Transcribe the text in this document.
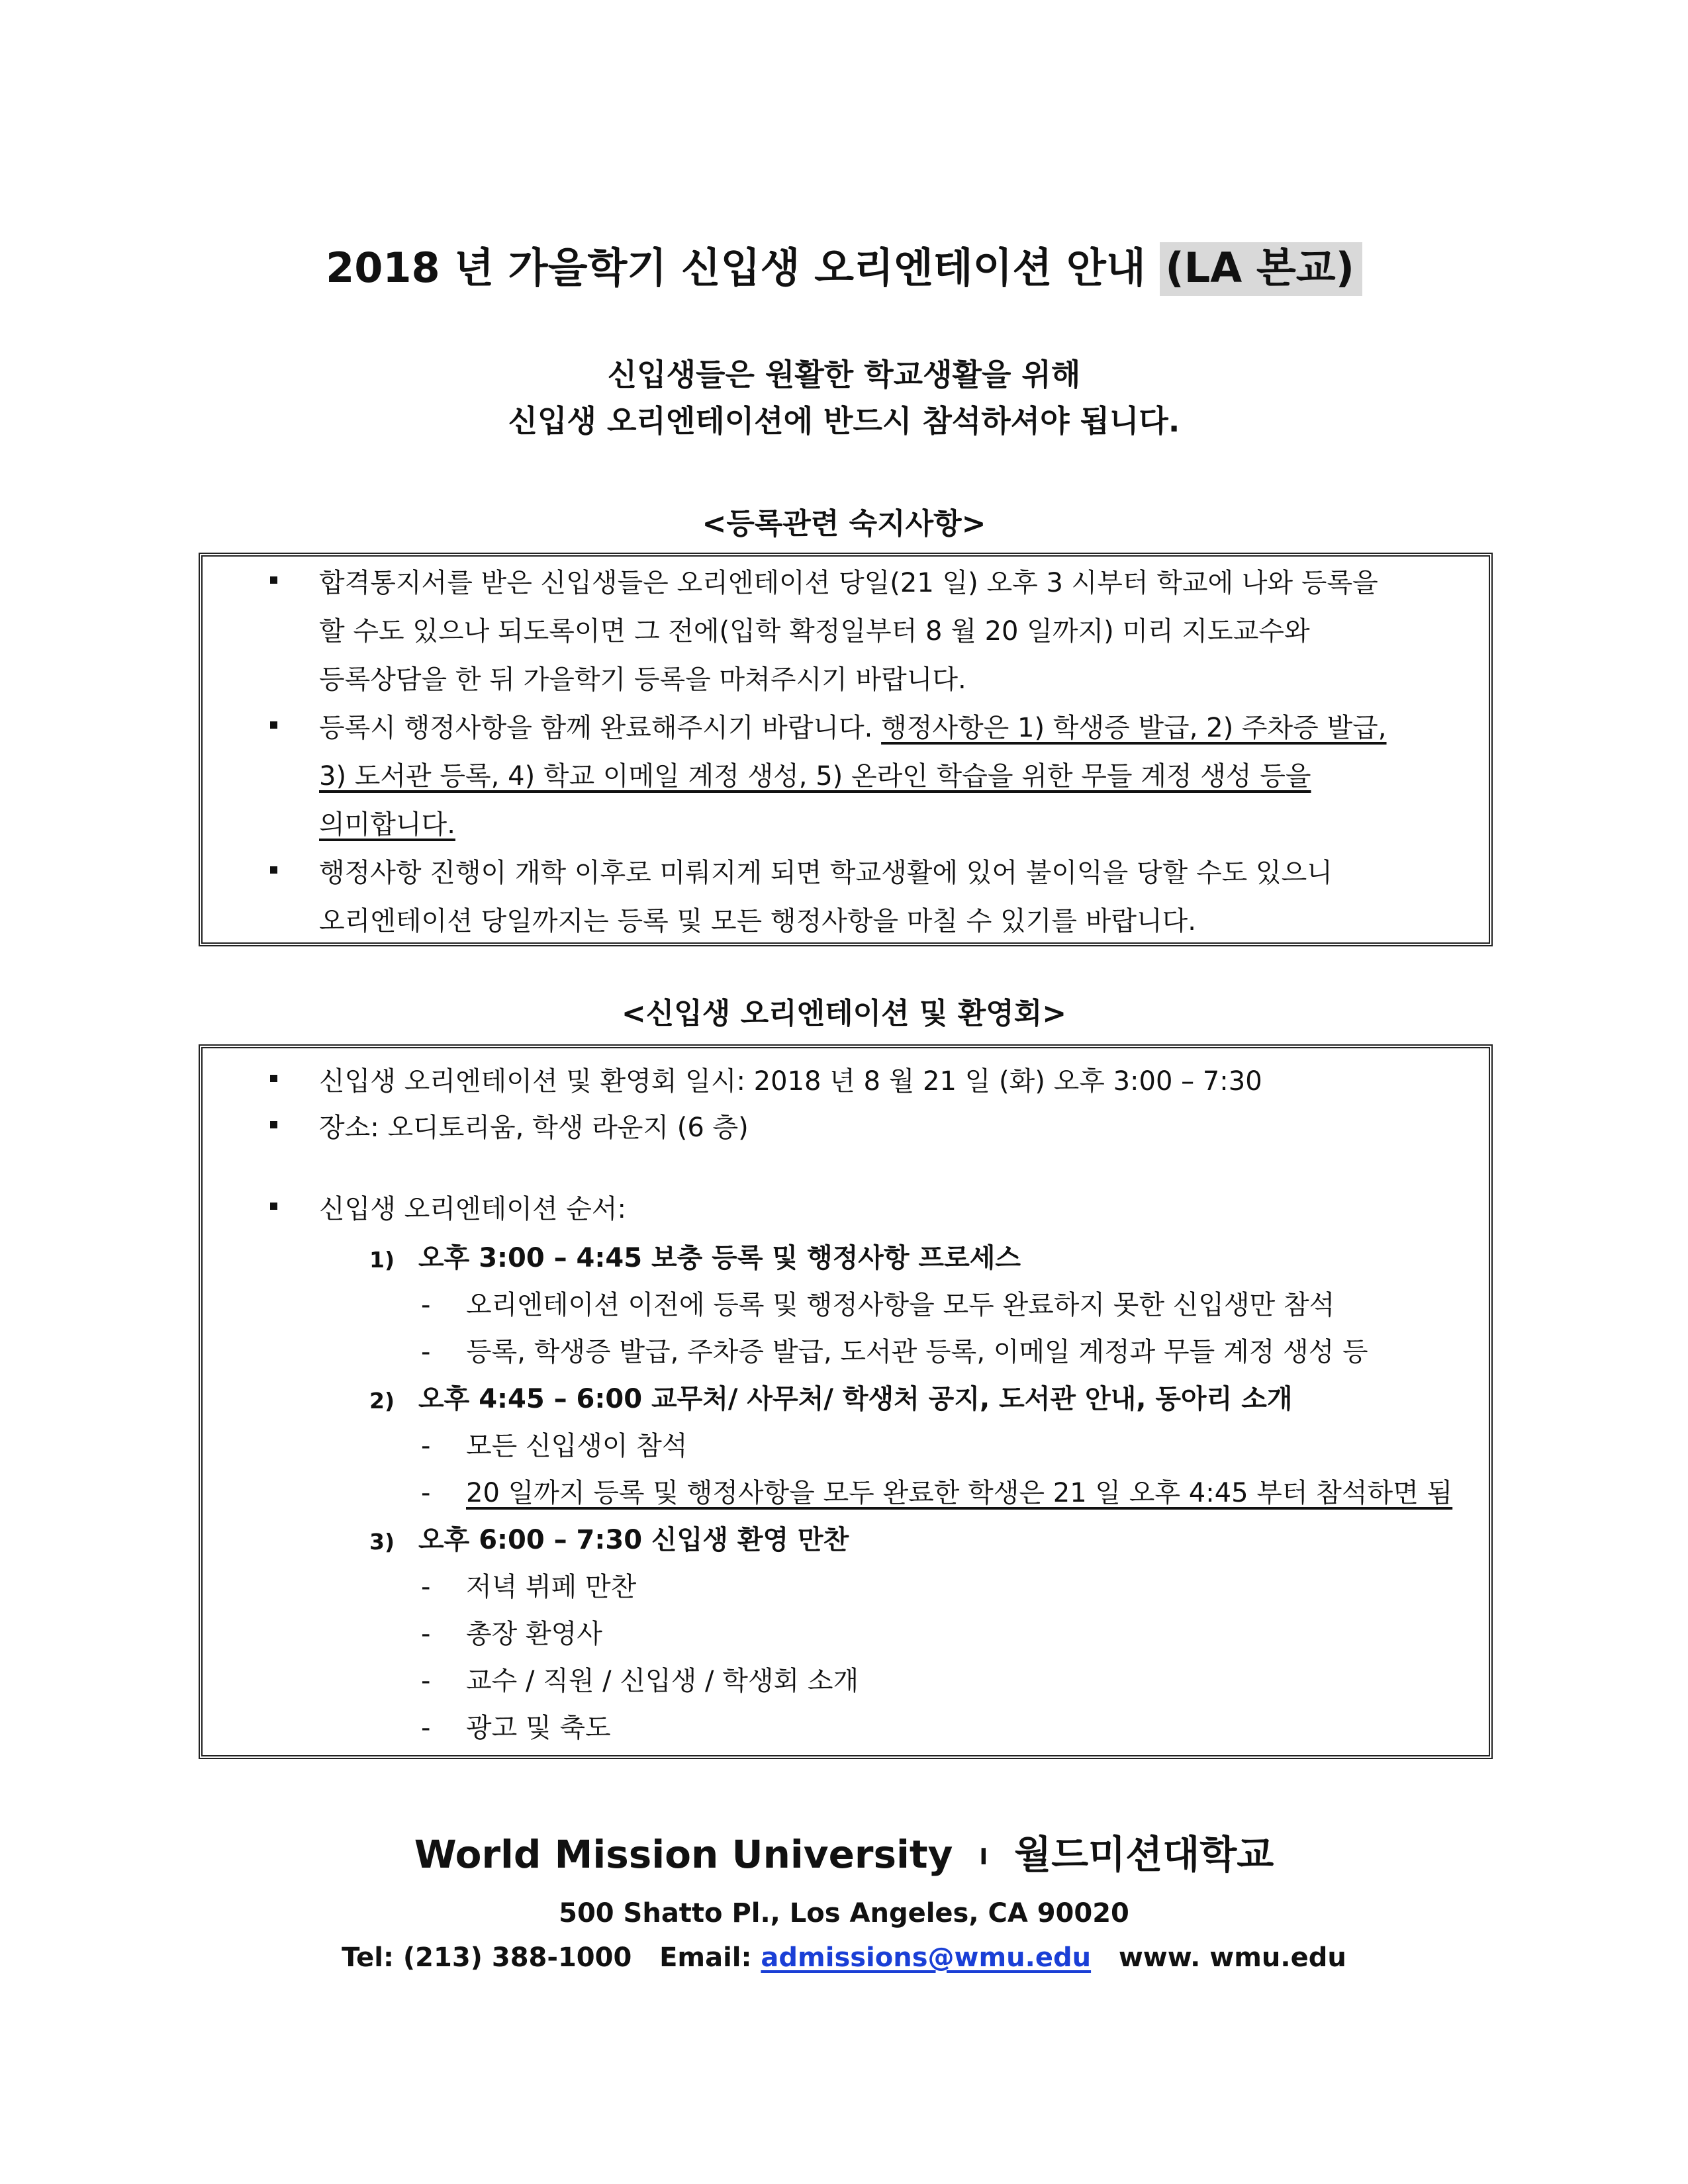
2018 년 가을학기 신입생 오리엔테이션 안내 (LA 본교)
신입생들은 원활한 학교생활을 위해
신입생 오리엔테이션에 반드시 참석하셔야 됩니다.
<등록관련 숙지사항>
합격통지서를 받은 신입생들은 오리엔테이션 당일(21 일) 오후 3 시부터 학교에 나와 등록을
할 수도 있으나 되도록이면 그 전에(입학 확정일부터 8 월 20 일까지) 미리 지도교수와
등록상담을 한 뒤 가을학기 등록을 마쳐주시기 바랍니다.
등록시 행정사항을 함께 완료해주시기 바랍니다. 행정사항은 1) 학생증 발급, 2) 주차증 발급,
3) 도서관 등록, 4) 학교 이메일 계정 생성, 5) 온라인 학습을 위한 무들 계정 생성 등을
의미합니다.
행정사항 진행이 개학 이후로 미뤄지게 되면 학교생활에 있어 불이익을 당할 수도 있으니
오리엔테이션 당일까지는 등록 및 모든 행정사항을 마칠 수 있기를 바랍니다.
<신입생 오리엔테이션 및 환영회>
신입생 오리엔테이션 및 환영회 일시: 2018 년 8 월 21 일 (화) 오후 3:00 – 7:30
장소: 오디토리움, 학생 라운지 (6 층)
신입생 오리엔테이션 순서:
1) 오후 3:00 – 4:45 보충 등록 및 행정사항 프로세스
- 오리엔테이션 이전에 등록 및 행정사항을 모두 완료하지 못한 신입생만 참석
- 등록, 학생증 발급, 주차증 발급, 도서관 등록, 이메일 계정과 무들 계정 생성 등
2) 오후 4:45 – 6:00 교무처/ 사무처/ 학생처 공지, 도서관 안내, 동아리 소개
- 모든 신입생이 참석
- 20 일까지 등록 및 행정사항을 모두 완료한 학생은 21 일 오후 4:45 부터 참석하면 됨
3) 오후 6:00 – 7:30 신입생 환영 만찬
- 저녁 뷔페 만찬
- 총장 환영사
- 교수 / 직원 / 신입생 / 학생회 소개
- 광고 및 축도
World Mission University I 월드미션대학교
500 Shatto Pl., Los Angeles, CA 90020
Tel: (213) 388-1000   Email: admissions@wmu.edu   www. wmu.edu
